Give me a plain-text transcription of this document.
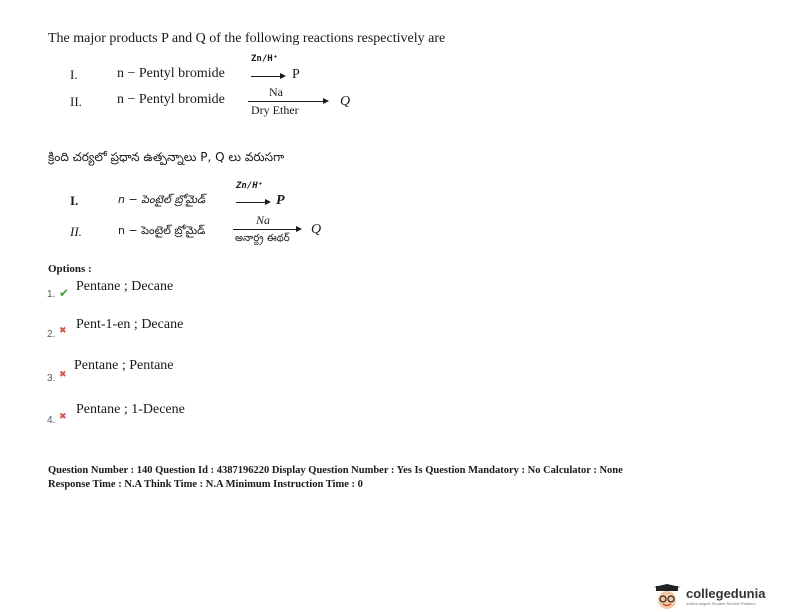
The major products P and Q of the following reactions respectively are
I.	n − Pentyl bromide
Zn/H⁺
P
II.	n − Pentyl bromide	Na
Dry Ether
Q
క్రింది చర్యలో ప్రధాన ఉత్పన్నాలు P, Q లు వరుసగా
I.	n − పెంటైల్ బ్రోమైడ్
Zn/H⁺
P
II.	n − పెంటైల్ బ్రోమైడ్
Na
అనార్ద్ర ఈథర్
Q
Options :
1. ✔ Pentane ; Decane
2. ✖ Pent-1-en ; Decane
3. ✖
Pentane ; Pentane
4. ✖ Pentane ; 1-Decene
Question Number : 140 Question Id : 4387196220 Display Question Number : Yes Is Question Mandatory : No Calculator : None
Response Time : N.A Think Time : N.A Minimum Instruction Time : 0
collegedunia
India's largest Student Review Platform
